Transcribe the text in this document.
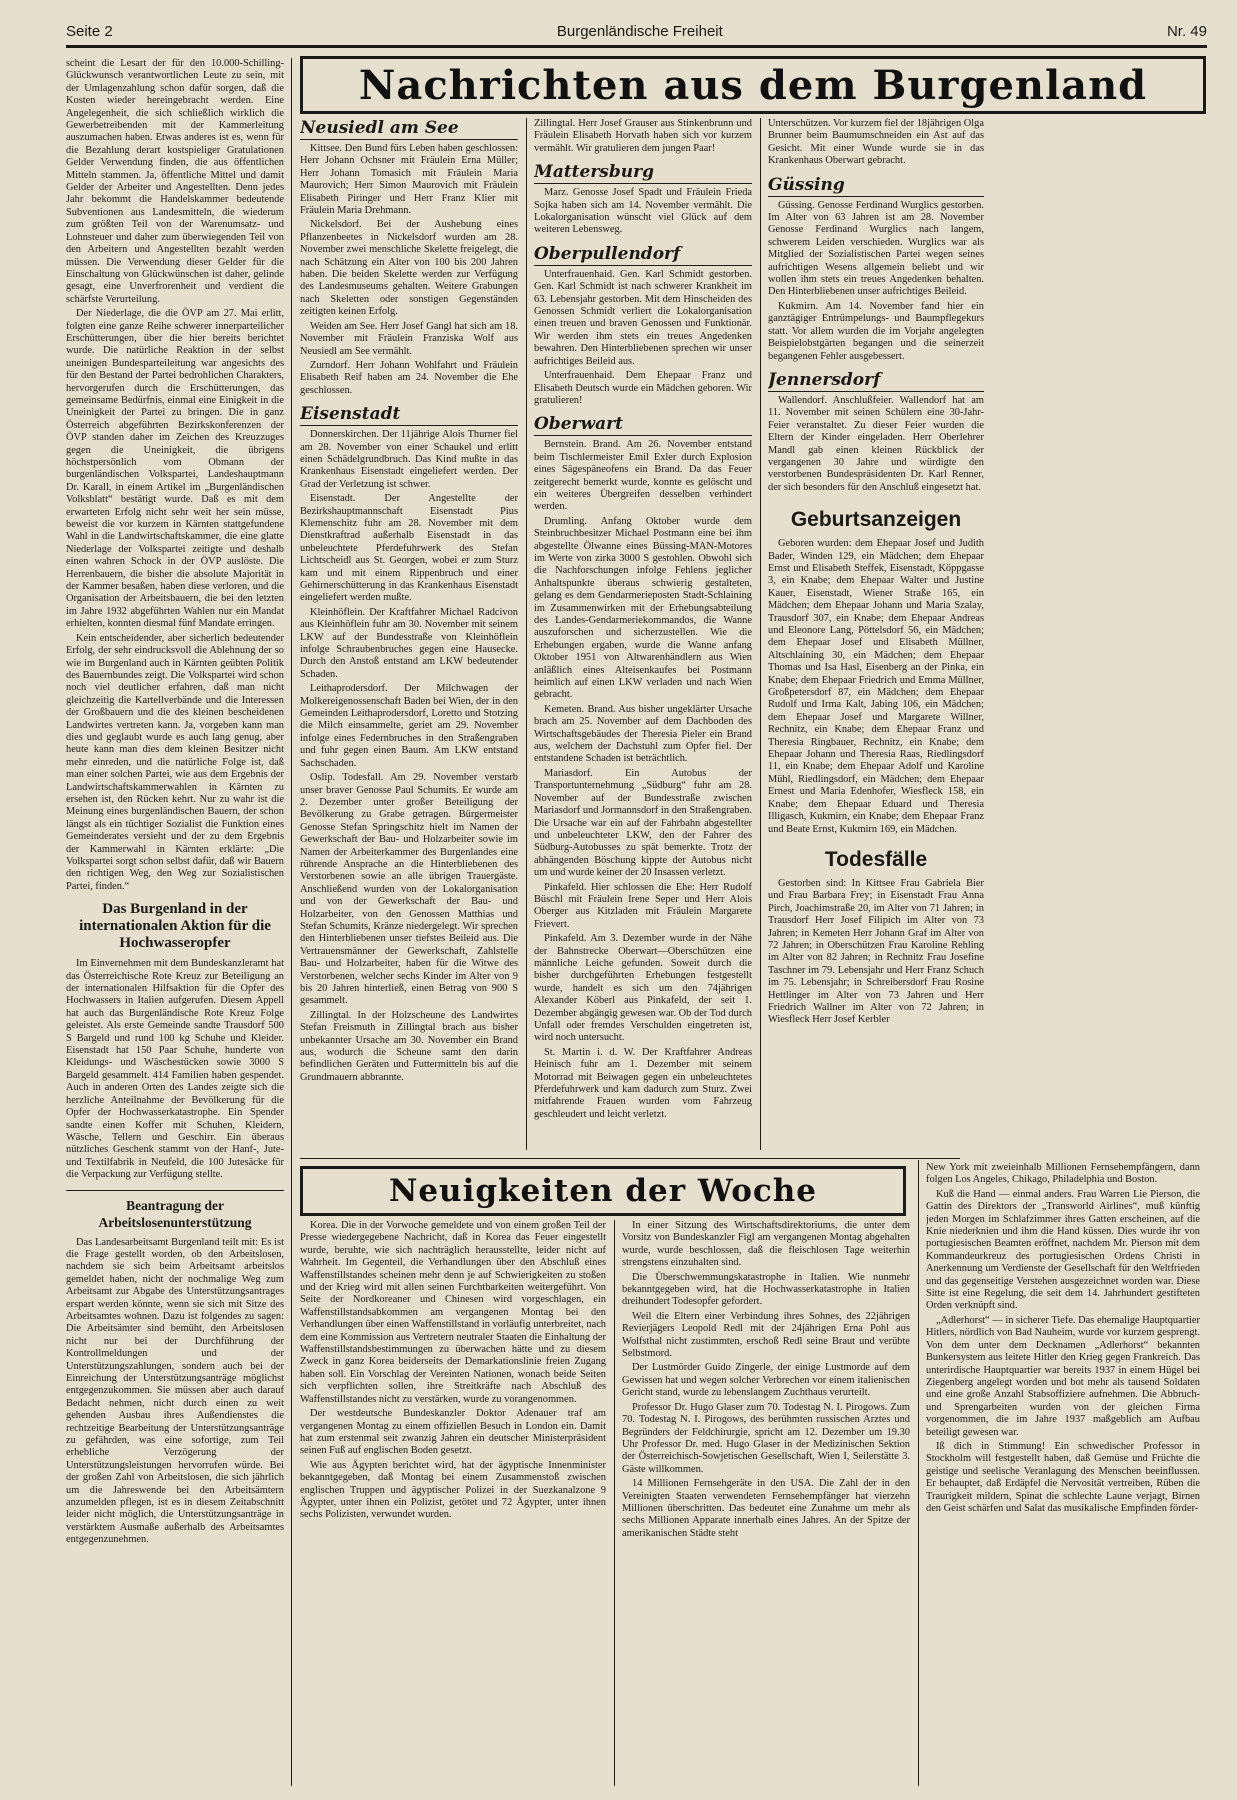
Seite 2	Burgenländische Freiheit	Nr. 49

scheint die Lesart der für den 10.000-Schilling-Glückwunsch verantwortlichen Leute zu sein, mit der Umlagenzahlung schon dafür sorgen, daß die Kosten wieder hereingebracht werden. Eine Angelegenheit, die sich schließlich wirklich die Gewerbetreibenden mit der Kammerleitung auszumachen haben. Etwas anderes ist es, wenn für die Bezahlung derart kostspieliger Gratulationen Gelder Verwendung finden, die aus öffentlichen Mitteln stammen. Ja, öffentliche Mittel und damit Gelder der Arbeiter und Angestellten. Denn jedes Jahr bekommt die Handelskammer bedeutende Subventionen aus Landesmitteln, die wiederum zum größten Teil von der Warenumsatz- und Lohnsteuer und daher zum überwiegenden Teil von den Arbeitern und Angestellten bezahlt werden müssen. Die Verwendung dieser Gelder für die Einschaltung von Glückwünschen ist daher, gelinde gesagt, eine Unverfrorenheit und verdient die schärfste Verurteilung.

Der Niederlage, die die ÖVP am 27. Mai erlitt, folgten eine ganze Reihe schwerer innerparteilicher Erschütterungen, über die hier bereits berichtet wurde. Die natürliche Reaktion in der selbst uneinigen Bundesparteileitung war angesichts des für den Bestand der Partei bedrohlichen Charakters, hervorgerufen durch die Erschütterungen, das gemeinsame Bedürfnis, einmal eine Einigkeit in die Uneinigkeit der Partei zu bringen. Die in ganz Österreich abgeführten Bezirkskonferenzen der ÖVP standen daher im Zeichen des Kreuzzuges gegen die Uneinigkeit, die übrigens höchstpersönlich vom Obmann der burgenländischen Volkspartei, Landeshauptmann Dr. Karall, in einem Artikel im „Burgenländischen Volksblatt“ bestätigt wurde. Daß es mit dem erwarteten Erfolg nicht sehr weit her sein müsse, beweist die vor kurzem in Kärnten stattgefundene Wahl in die Landwirtschaftskammer, die eine glatte Niederlage der Volkspartei zeitigte und deshalb einen wahren Schock in der ÖVP auslöste. Die Herrenbauern, die bisher die absolute Majorität in der Kammer besaßen, haben diese verloren, und die Organisation der Arbeitsbauern, die bei den letzten im Jahre 1932 abgeführten Wahlen nur ein Mandat erhielten, konnten diesmal fünf Mandate erringen.

Kein entscheidender, aber sicherlich bedeutender Erfolg, der sehr eindrucksvoll die Ablehnung der so wie im Burgenland auch in Kärnten geübten Politik des Bauernbundes zeigt. Die Volkspartei wird schon noch viel deutlicher erfahren, daß man nicht gleichzeitig die Kartellverbände und die Interessen der Großbauern und die des kleinen bescheidenen Landwirtes vertreten kann. Ja, vorgeben kann man dies und geglaubt wurde es auch lang genug, aber heute kann man dies dem kleinen Besitzer nicht mehr einreden, und die natürliche Folge ist, daß man einer solchen Partei, wie aus dem Ergebnis der Landwirtschaftskammerwahlen in Kärnten zu ersehen ist, den Rücken kehrt. Nur zu wahr ist die Meinung eines burgenländischen Bauern, der schon längst als ein tüchtiger Sozialist die Funktion eines Gemeinderates versieht und der zu dem Ergebnis der Kammerwahl in Kärnten erklärte: „Die Volkspartei sorgt schon selbst dafür, daß wir Bauern den richtigen Weg, den Weg zur Sozialistischen Partei, finden.“

Das Burgenland in der internationalen Aktion für die Hochwasseropfer

Im Einvernehmen mit dem Bundeskanzleramt hat das Österreichische Rote Kreuz zur Beteiligung an der internationalen Hilfsaktion für die Opfer des Hochwassers in Italien aufgerufen. Diesem Appell hat auch das Burgenländische Rote Kreuz Folge geleistet. Als erste Gemeinde sandte Trausdorf 500 S Bargeld und rund 100 kg Schuhe und Kleider. Eisenstadt hat 150 Paar Schuhe, hunderte von Kleidungs- und Wäschestücken sowie 3000 S Bargeld gesammelt. 414 Familien haben gespendet. Auch in anderen Orten des Landes zeigte sich die herzliche Anteilnahme der Bevölkerung für die Opfer der Hochwasserkatastrophe. Ein Spender sandte einen Koffer mit Schuhen, Kleidern, Wäsche, Tellern und Geschirr. Ein überaus nützliches Geschenk stammt von der Hanf-, Jute- und Textilfabrik in Neufeld, die 100 Jutesäcke für die Verpackung zur Verfügung stellte.

Beantragung der Arbeitslosenunterstützung

Das Landesarbeitsamt Burgenland teilt mit: Es ist die Frage gestellt worden, ob den Arbeitslosen, nachdem sie sich beim Arbeitsamt arbeitslos gemeldet haben, nicht der nochmalige Weg zum Arbeitsamt zur Abgabe des Unterstützungsantrages erspart werden könnte, wenn sie sich mit Sitze des Arbeitsamtes wohnen. Dazu ist folgendes zu sagen: Die Arbeitsämter sind bemüht, den Arbeitslosen nicht nur bei der Durchführung der Kontrollmeldungen und der Unterstützungszahlungen, sondern auch bei der Einreichung der Unterstützungsanträge möglichst entgegenzukommen. Sie müssen aber auch darauf Bedacht nehmen, nicht durch einen zu weit gehenden Ausbau ihres Außendienstes die rechtzeitige Bearbeitung der Unterstützungsanträge zu gefährden, was eine sofortige, zum Teil erhebliche Verzögerung der Unterstützungsleistungen hervorrufen würde. Bei der großen Zahl von Arbeitslosen, die sich jährlich um die Jahreswende bei den Arbeitsämtern anzumelden pflegen, ist es in diesem Zeitabschnitt leider nicht möglich, die Unterstützungsanträge in verstärktem Ausmaße außerhalb des Arbeitsamtes entgegenzunehmen.

Nachrichten aus dem Burgenland
Neusiedl am See

Kittsee. Den Bund fürs Leben haben geschlossen: Herr Johann Ochsner mit Fräulein Erna Müller; Herr Johann Tomasich mit Fräulein Maria Maurovich; Herr Simon Maurovich mit Fräulein Elisabeth Piringer und Herr Franz Klier mit Fräulein Maria Drehmann.

Nickelsdorf. Bei der Aushebung eines Pflanzenbeetes in Nickelsdorf wurden am 28. November zwei menschliche Skelette freigelegt, die nach Schätzung ein Alter von 100 bis 200 Jahren haben. Die beiden Skelette werden zur Verfügung des Landesmuseums gehalten. Weitere Grabungen nach Skeletten oder sonstigen Gegenständen zeitigten keinen Erfolg.

Weiden am See. Herr Josef Gangl hat sich am 18. November mit Fräulein Franziska Wolf aus Neusiedl am See vermählt.

Zurndorf. Herr Johann Wohlfahrt und Fräulein Elisabeth Reif haben am 24. November die Ehe geschlossen.

Eisenstadt

Donnerskirchen. Der 11jährige Alois Thurner fiel am 28. November von einer Schaukel und erlitt einen Schädelgrundbruch. Das Kind mußte in das Krankenhaus Eisenstadt eingeliefert werden. Der Grad der Verletzung ist schwer.

Eisenstadt. Der Angestellte der Bezirkshauptmannschaft Eisenstadt Pius Klemenschitz fuhr am 28. November mit dem Dienstkraftrad außerhalb Eisenstadt in das unbeleuchtete Pferdefuhrwerk des Stefan Lichtscheidl aus St. Georgen, wobei er zum Sturz kam und mit einem Rippenbruch und einer Gehirnerschütterung in das Krankenhaus Eisenstadt eingeliefert werden mußte.

Kleinhöflein. Der Kraftfahrer Michael Radcivon aus Kleinhöflein fuhr am 30. November mit seinem LKW auf der Bundesstraße von Kleinhöflein infolge Schraubenbruches gegen eine Hausecke. Durch den Anstoß entstand am LKW bedeutender Schaden.

Leithaprodersdorf. Der Milchwagen der Molkereigenossenschaft Baden bei Wien, der in den Gemeinden Leithaprodersdorf, Loretto und Stotzing die Milch einsammelte, geriet am 29. November infolge eines Federnbruches in den Straßengraben und fuhr gegen einen Baum. Am LKW entstand Sachschaden.

Oslip. Todesfall. Am 29. November verstarb unser braver Genosse Paul Schumits. Er wurde am 2. Dezember unter großer Beteiligung der Bevölkerung zu Grabe getragen. Bürgermeister Genosse Stefan Springschitz hielt im Namen der Gewerkschaft der Bau- und Holzarbeiter sowie im Namen der Arbeiterkammer des Burgenlandes eine rührende Ansprache an die Hinterbliebenen des Verstorbenen sowie an alle übrigen Trauergäste. Anschließend wurden von der Lokalorganisation und von der Gewerkschaft der Bau- und Holzarbeiter, von den Genossen Matthias und Stefan Schumits, Kränze niedergelegt. Wir sprechen den Hinterbliebenen unser tiefstes Beileid aus. Die Vertrauensmänner der Gewerkschaft, Zahlstelle Bau- und Holzarbeiter, haben für die Witwe des Verstorbenen, welcher sechs Kinder im Alter von 9 bis 20 Jahren hinterließ, einen Betrag von 900 S gesammelt.

Zillingtal. In der Holzscheune des Landwirtes Stefan Freismuth in Zillingtal brach aus bisher unbekannter Ursache am 30. November ein Brand aus, wodurch die Scheune samt den darin befindlichen Geräten und Futtermitteln bis auf die Grundmauern abbrannte.

Zillingtal. Herr Josef Grauser aus Stinkenbrunn und Fräulein Elisabeth Horvath haben sich vor kurzem vermählt. Wir gratulieren dem jungen Paar!

Mattersburg

Marz. Genosse Josef Spadt und Fräulein Frieda Sojka haben sich am 14. November vermählt. Die Lokalorganisation wünscht viel Glück auf dem weiteren Lebensweg.

Oberpullendorf

Unterfrauenhaid. Gen. Karl Schmidt gestorben. Gen. Karl Schmidt ist nach schwerer Krankheit im 63. Lebensjahr gestorben. Mit dem Hinscheiden des Genossen Schmidt verliert die Lokalorganisation einen treuen und braven Genossen und Funktionär. Wir werden ihm stets ein treues Angedenken bewahren. Den Hinterbliebenen sprechen wir unser aufrichtiges Beileid aus.

Unterfrauenhaid. Dem Ehepaar Franz und Elisabeth Deutsch wurde ein Mädchen geboren. Wir gratulieren!

Oberwart

Bernstein. Brand. Am 26. November entstand beim Tischlermeister Emil Exler durch Explosion eines Sägespäneofens ein Brand. Da das Feuer zeitgerecht bemerkt wurde, konnte es gelöscht und ein weiteres Übergreifen desselben verhindert werden.

Drumling. Anfang Oktober wurde dem Steinbruchbesitzer Michael Postmann eine bei ihm abgestellte Ölwanne eines Büssing-MAN-Motores im Werte von zirka 3000 S gestohlen. Obwohl sich die Nachforschungen infolge Fehlens jeglicher Anhaltspunkte überaus schwierig gestalteten, gelang es dem Gendarmerieposten Stadt-Schlaining im Zusammenwirken mit der Erhebungsabteilung des Landes-Gendarmeriekommandos, die Wanne auszuforschen und sicherzustellen. Wie die Erhebungen ergaben, wurde die Wanne anfang Oktober 1951 von Altwarenhändlern aus Wien anläßlich eines Alteisenkaufes bei Postmann heimlich auf einen LKW verladen und nach Wien gebracht.

Kemeten. Brand. Aus bisher ungeklärter Ursache brach am 25. November auf dem Dachboden des Wirtschaftsgebäudes der Theresia Pieler ein Brand aus, welchem der Dachstuhl zum Opfer fiel. Der entstandene Schaden ist beträchtlich.

Mariasdorf. Ein Autobus der Transportunternehmung „Südburg“ fuhr am 28. November auf der Bundesstraße zwischen Mariasdorf und Jormannsdorf in den Straßengraben. Die Ursache war ein auf der Fahrbahn abgestellter und unbeleuchteter LKW, den der Fahrer des Südburg-Autobusses zu spät bemerkte. Trotz der abhängenden Böschung kippte der Autobus nicht um und wurde keiner der 20 Insassen verletzt.

Pinkafeld. Hier schlossen die Ehe: Herr Rudolf Büschl mit Fräulein Irene Seper und Herr Alois Oberger aus Kitzladen mit Fräulein Margarete Frievert.

Pinkafeld. Am 3. Dezember wurde in der Nähe der Bahnstrecke Oberwart—Oberschützen eine männliche Leiche gefunden. Soweit durch die bisher durchgeführten Erhebungen festgestellt wurde, handelt es sich um den 74jährigen Alexander Köberl aus Pinkafeld, der seit 1. Dezember abgängig gewesen war. Ob der Tod durch Unfall oder fremdes Verschulden eingetreten ist, wird noch untersucht.

St. Martin i. d. W. Der Kraftfahrer Andreas Heinisch fuhr am 1. Dezember mit seinem Motorrad mit Beiwagen gegen ein unbeleuchtetes Pferdefuhrwerk und kam dadurch zum Sturz. Zwei mitfahrende Frauen wurden vom Fahrzeug geschleudert und leicht verletzt.

Unterschützen. Vor kurzem fiel der 18jährigen Olga Brunner beim Baumumschneiden ein Ast auf das Gesicht. Mit einer Wunde wurde sie in das Krankenhaus Oberwart gebracht.

Güssing

Güssing. Genosse Ferdinand Wurglics gestorben. Im Alter von 63 Jahren ist am 28. November Genosse Ferdinand Wurglics nach langem, schwerem Leiden verschieden. Wurglics war als Mitglied der Sozialistischen Partei wegen seines aufrichtigen Wesens allgemein beliebt und wir wollen ihm stets ein treues Angedenken behalten. Den Hinterbliebenen unser aufrichtiges Beileid.

Kukmirn. Am 14. November fand hier ein ganztägiger Entrümpelungs- und Baumpflegekurs statt. Vor allem wurden die im Vorjahr angelegten Beispielobstgärten begangen und die seinerzeit begangenen Fehler ausgebessert.

Jennersdorf

Wallendorf. Anschlußfeier. Wallendorf hat am 11. November mit seinen Schülern eine 30-Jahr-Feier veranstaltet. Zu dieser Feier wurden die Eltern der Kinder eingeladen. Herr Oberlehrer Mandl gab einen kleinen Rückblick der vergangenen 30 Jahre und würdigte den verstorbenen Bundespräsidenten Dr. Karl Renner, der sich besonders für den Anschluß eingesetzt hat.

Geburtsanzeigen

Geboren wurden: dem Ehepaar Josef und Judith Bader, Winden 129, ein Mädchen; dem Ehepaar Ernst und Elisabeth Steffek, Eisenstadt, Köppgasse 3, ein Knabe; dem Ehepaar Walter und Justine Kauer, Eisenstadt, Wiener Straße 165, ein Mädchen; dem Ehepaar Johann und Maria Szalay, Trausdorf 307, ein Knabe; dem Ehepaar Andreas und Eleonore Lang, Pöttelsdorf 56, ein Mädchen; dem Ehepaar Josef und Elisabeth Müllner, Altschlaining 30, ein Mädchen; dem Ehepaar Thomas und Isa Hasl, Eisenberg an der Pinka, ein Knabe; dem Ehepaar Friedrich und Emma Müllner, Großpetersdorf 87, ein Mädchen; dem Ehepaar Rudolf und Irma Kalt, Jabing 106, ein Mädchen; dem Ehepaar Josef und Margarete Willner, Rechnitz, ein Knabe; dem Ehepaar Franz und Theresia Ringbauer, Rechnitz, ein Knabe; dem Ehepaar Johann und Theresia Raas, Riedlingsdorf 11, ein Knabe; dem Ehepaar Adolf und Karoline Mühl, Riedlingsdorf, ein Mädchen; dem Ehepaar Ernest und Maria Edenhofer, Wiesfleck 158, ein Knabe; dem Ehepaar Eduard und Theresia Illigasch, Kukmirn, ein Knabe; dem Ehepaar Franz und Beate Ernst, Kukmirn 169, ein Mädchen.

Todesfälle

Gestorben sind: In Kittsee Frau Gabriela Bier und Frau Barbara Frey; in Eisenstadt Frau Anna Pirch, Joachimstraße 20, im Alter von 71 Jahren; in Trausdorf Herr Josef Filipich im Alter von 73 Jahren; in Kemeten Herr Johann Graf im Alter von 72 Jahren; in Oberschützen Frau Karoline Rehling im Alter von 82 Jahren; in Rechnitz Frau Josefine Taschner im 79. Lebensjahr und Herr Franz Schuch im 75. Lebensjahr; in Schreibersdorf Frau Rosine Hettlinger im Alter von 73 Jahren und Herr Friedrich Wallner im Alter von 72 Jahren; in Wiesfleck Herr Josef Kerbler

Neuigkeiten der Woche

Korea. Die in der Vorwoche gemeldete und von einem großen Teil der Presse wiedergegebene Nachricht, daß in Korea das Feuer eingestellt wurde, beruhte, wie sich nachträglich herausstellte, leider nicht auf Wahrheit. Im Gegenteil, die Verhandlungen über den Abschluß eines Waffenstillstandes scheinen mehr denn je auf Schwierigkeiten zu stoßen und der Krieg wird mit allen seinen Furchtbarkeiten weitergeführt. Von Seite der Nordkoreaner und Chinesen wird vorgeschlagen, ein Waffenstillstandsabkommen am vergangenen Montag bei den Verhandlungen über einen Waffenstillstand in vorläufig unterbreitet, nach dem eine Kommission aus Vertretern neutraler Staaten die Einhaltung der Waffenstillstandsbestimmungen zu überwachen hätte und zu diesem Zweck in ganz Korea beiderseits der Demarkationslinie freien Zugang haben soll. Ein Vorschlag der Vereinten Nationen, wonach beide Seiten sich verpflichten sollen, ihre Streitkräfte nach Abschluß des Waffenstillstandes nicht zu verstärken, wurde zu vorangenommen.

Der westdeutsche Bundeskanzler Doktor Adenauer traf am vergangenen Montag zu einem offiziellen Besuch in London ein. Damit hat zum erstenmal seit zwanzig Jahren ein deutscher Ministerpräsident seinen Fuß auf englischen Boden gesetzt.

Wie aus Ägypten berichtet wird, hat der ägyptische Innenminister bekanntgegeben, daß Montag bei einem Zusammenstoß zwischen englischen Truppen und ägyptischer Polizei in der Suezkanalzone 9 Ägypter, unter ihnen ein Polizist, getötet und 72 Ägypter, unter ihnen sechs Polizisten, verwundet wurden.

In einer Sitzung des Wirtschaftsdirektoriums, die unter dem Vorsitz von Bundeskanzler Figl am vergangenen Montag abgehalten wurde, wurde beschlossen, daß die fleischlosen Tage weiterhin strengstens einzuhalten sind.

Die Überschwemmungskatastrophe in Italien. Wie nunmehr bekanntgegeben wird, hat die Hochwasserkatastrophe in Italien dreihundert Todesopfer gefordert.

Weil die Eltern einer Verbindung ihres Sohnes, des 22jährigen Revierjägers Leopold Redl mit der 24jährigen Erna Pohl aus Wolfsthal nicht zustimmten, erschoß Redl seine Braut und verübte Selbstmord.

Der Lustmörder Guido Zingerle, der einige Lustmorde auf dem Gewissen hat und wegen solcher Verbrechen vor einem italienischen Gericht stand, wurde zu lebenslangem Zuchthaus verurteilt.

Professor Dr. Hugo Glaser zum 70. Todestag N. I. Pirogows. Zum 70. Todestag N. I. Pirogows, des berühmten russischen Arztes und Begründers der Feldchirurgie, spricht am 12. Dezember um 19.30 Uhr Professor Dr. med. Hugo Glaser in der Medizinischen Sektion der Österreichisch-Sowjetischen Gesellschaft, Wien I, Seilerstätte 3. Gäste willkommen.

14 Millionen Fernsehgeräte in den USA. Die Zahl der in den Vereinigten Staaten verwendeten Fernsehempfänger hat vierzehn Millionen überschritten. Das bedeutet eine Zunahme um mehr als sechs Millionen Apparate innerhalb eines Jahres. An der Spitze der amerikanischen Städte steht

New York mit zweieinhalb Millionen Fernsehempfängern, dann folgen Los Angeles, Chikago, Philadelphia und Boston.

Kuß die Hand — einmal anders. Frau Warren Lie Pierson, die Gattin des Direktors der „Transworld Airlines“, muß künftig jeden Morgen im Schlafzimmer ihres Gatten erscheinen, auf die Knie niederknien und ihm die Hand küssen. Dies wurde ihr von portugiesischen Beamten eröffnet, nachdem Mr. Pierson mit dem Kommandeurkreuz des portugiesischen Ordens Christi in Anerkennung um Verdienste der Gesellschaft für den Weltfrieden und das gegenseitige Verstehen ausgezeichnet worden war. Diese Sitte ist eine Regelung, die seit dem 14. Jahrhundert gestifteten Orden verknüpft sind.

„Adlerhorst“ — in sicherer Tiefe. Das ehemalige Hauptquartier Hitlers, nördlich von Bad Nauheim, wurde vor kurzem gesprengt. Von dem unter dem Decknamen „Adlerhorst“ bekannten Bunkersystem aus leitete Hitler den Krieg gegen Frankreich. Das unterirdische Hauptquartier war bereits 1937 in einem Hügel bei Ziegenberg angelegt worden und bot mehr als tausend Soldaten und eine große Anzahl Stabsoffiziere aufnehmen. Die Abbruch- und Sprengarbeiten wurden von der gleichen Firma vorgenommen, die im Jahre 1937 maßgeblich am Aufbau beteiligt gewesen war.

Iß dich in Stimmung! Ein schwedischer Professor in Stockholm will festgestellt haben, daß Gemüse und Früchte die geistige und seelische Veranlagung des Menschen beeinflussen. Er behauptet, daß Erdäpfel die Nervosität vertreiben, Rüben die Traurigkeit mildern, Spinat die schlechte Laune verjagt, Birnen den Geist schärfen und Salat das musikalische Empfinden förder-
